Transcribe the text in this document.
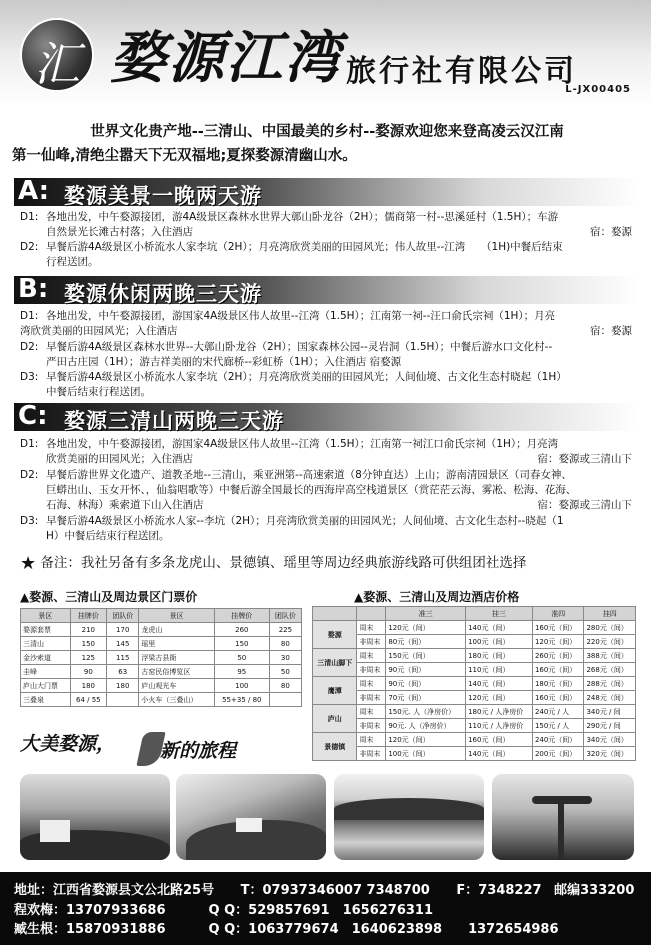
汇 婺源江湾 旅行社有限公司
L-JX00405
世界文化贵产地--三清山、中国最美的乡村--婺源欢迎您来登高凌云汉江南
第一仙峰,清绝尘嚣天下无双福地;夏探婺源清幽山水。
A: 婺源美景一晚两天游
D1: 各地出发，中午婺源接团，游4A级景区森林水世界大鄣山卧龙谷（2H）；儒商第一村--思溪延村（1.5H）；车游
自然景光长滩古村落；入住酒店	宿：婺源
D2: 早餐后游4A级景区小桥流水人家李坑（2H）；月亮湾欣赏美丽的田园风光；伟人故里--江湾　　（1H)中餐后结束
行程送团。
B: 婺源休闲两晚三天游
D1: 各地出发，中午婺源接团，游国家4A级景区伟人故里--江湾（1.5H）；江南第一祠--汪口俞氏宗祠（1H）；月亮
湾欣赏美丽的田园风光；入住酒店	宿：婺源
D2: 早餐后游4A级景区森林水世界--大鄣山卧龙谷（2H）；国家森林公园--灵岩洞（1.5H）；中餐后游水口文化村--
严田古庄园（1H）；游吉祥美丽的宋代廊桥--彩虹桥（1H）；入住酒店 宿婺源
D3: 早餐后游4A级景区小桥流水人家李坑（2H）；月亮湾欣赏美丽的田园风光；人间仙境、古文化生态村晓起（1H）
中餐后结束行程送团。
C: 婺源三清山两晚三天游
D1: 各地出发，中午婺源接团，游国家4A级景区伟人故里--江湾（1.5H）；江南第一祠江口俞氏宗祠（1H）；月亮湾
欣赏美丽的田园风光；入住酒店	宿：婺源或三清山下
D2: 早餐后游世界文化遗产、道教圣地--三清山，乘亚洲第--高速索道（8分钟直达）上山；游南清园景区（司春女神、
巨蟒出山、玉女开怀、，仙翁唱歌等）中餐后游全国最长的西海岸高空栈道景区（赏茫茫云海、雾凇、松海、花海、
石海、林海）乘索道下山入住酒店	宿：婺源或三清山下
D3: 早餐后游4A级景区小桥流水人家--李坑（2H）；月亮湾欣赏美丽的田园风光；人间仙境、古文化生态村--晓起（1
H）中餐后结束行程送团。
★ 备注：我社另备有多条龙虎山、景德镇、瑶里等周边经典旅游线路可供组团社选择
▲婺源、三清山及周边景区门票价
景区	挂牌价	团队价	景区	挂牌价	团队价
婺源套票	210	170	龙虎山	260	225
三清山	150	145	瑶里	150	80
金沙索道	125	115	浮梁古县衙	50	30
圭峰	90	63	古窑民俗博览区	95	50
庐山大门票	180	180	庐山观光车	100	80
三叠泉	64 / 55		小火车（三叠山）	55+35 / 80	
▲婺源、三清山及周边酒店价格
		准三	挂三	准四	挂四
婺源	周末	120元（间）	140元（间）	160元（间）	280元（间）
	非周末	80元（间）	100元（间）	120元（间）	220元（间）
三清山脚下	周末	150元（间）	180元（间）	260元（间）	388元（间）
	非周末	90元（间）	110元（间）	160元（间）	268元（间）
鹰潭	周末	90元（间）	140元（间）	180元（间）	288元（间）
	非周末	70元（间）	120元（间）	160元（间）	248元（间）
庐山	周末	150元. 人（净房价）	180元 / 人净房价	240元 / 人	340元 / 间
	非周末	90元. 人（净房价）	110元 / 人净房价	150元 / 人	290元 / 间
景德镇	周末	120元（间）	160元（间）	240元（间）	340元（间）
	非周末	100元（间）	140元（间）	200元（间）	320元（间）
大美婺源， 新的旅程
地址：江西省婺源县文公北路25号 T：07937346007 7348700 F：7348227 邮编333200
程欢梅：13707933686	Q Q：529857691　1656276311
臧生根：15870931886	Q Q：1063779674　1640623898　　1372654986
